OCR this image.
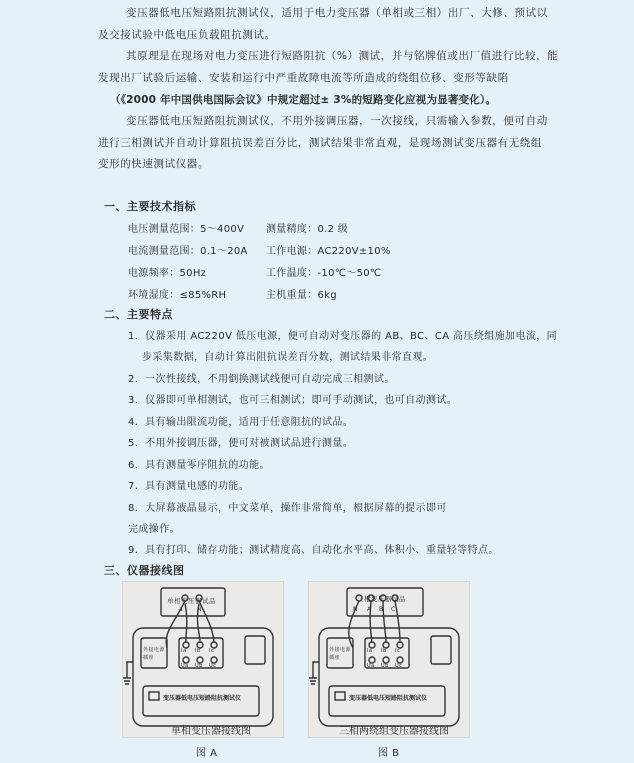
变压器低电压短路阻抗测试仪，适用于电力变压器（单相或三相）出厂、大修、预试以
及交接试验中低电压负载阻抗测试。
其原理是在现场对电力变压进行短路阻抗（%）测试，并与铭牌值或出厂值进行比较，能
发现出厂试验后运输、安装和运行中严重故障电流等所造成的绕组位移、变形等缺陷
（《2000 年中国供电国际会议》中规定超过± 3%的短路变化应视为显著变化）。
变压器低电压短路阻抗测试仪，不用外接调压器，一次接线，只需输入参数，便可自动
进行三相测试并自动计算阻抗误差百分比，测试结果非常直观，是现场测试变压器有无绕组
变形的快速测试仪器。
一、主要技术指标
电压测量范围：5～400V 测量精度：0.2 级
电流测量范围：0.1～20A 工作电源：AC220V±10%
电源频率：50Hz	工作温度：-10℃～50℃
环境湿度：≤85%RH	主机重量：6kg
二、主要特点
1．仪器采用 AC220V 低压电源，便可自动对变压器的 AB、BC、CA 高压绕组施加电流，同
步采集数据，自动计算出阻抗误差百分数，测试结果非常直观。
2．一次性接线，不用倒换测试线便可自动完成三相测试。
3．仪器即可单相测试，也可三相测试；即可手动测试，也可自动测试。
4．具有输出限流功能，适用于任意阻抗的试品。
5．不用外接调压器，便可对被测试品进行测量。
6．具有测量零序阻抗的功能。
7．具有测量电感的功能。
8．大屏幕液晶显示，中文菜单，操作非常简单，根据屏幕的提示即可
完成操作。
9．具有打印、储存功能；测试精度高、自动化水平高、体积小、重量轻等特点。
三、仪器接线图
单相变压器试品
a N
外接电源
插座
Ia Ib Ic
Ua Ub Uc
变压器低电压短路阻抗测试仪
单相变压器接线图
图 A
三相变压器试品
N A B C
外接电源
插座
Ia Ib Ic
Ua Ub Uc
变压器低电压短路阻抗测试仪
三相两绕组变压器接线图
图 B
